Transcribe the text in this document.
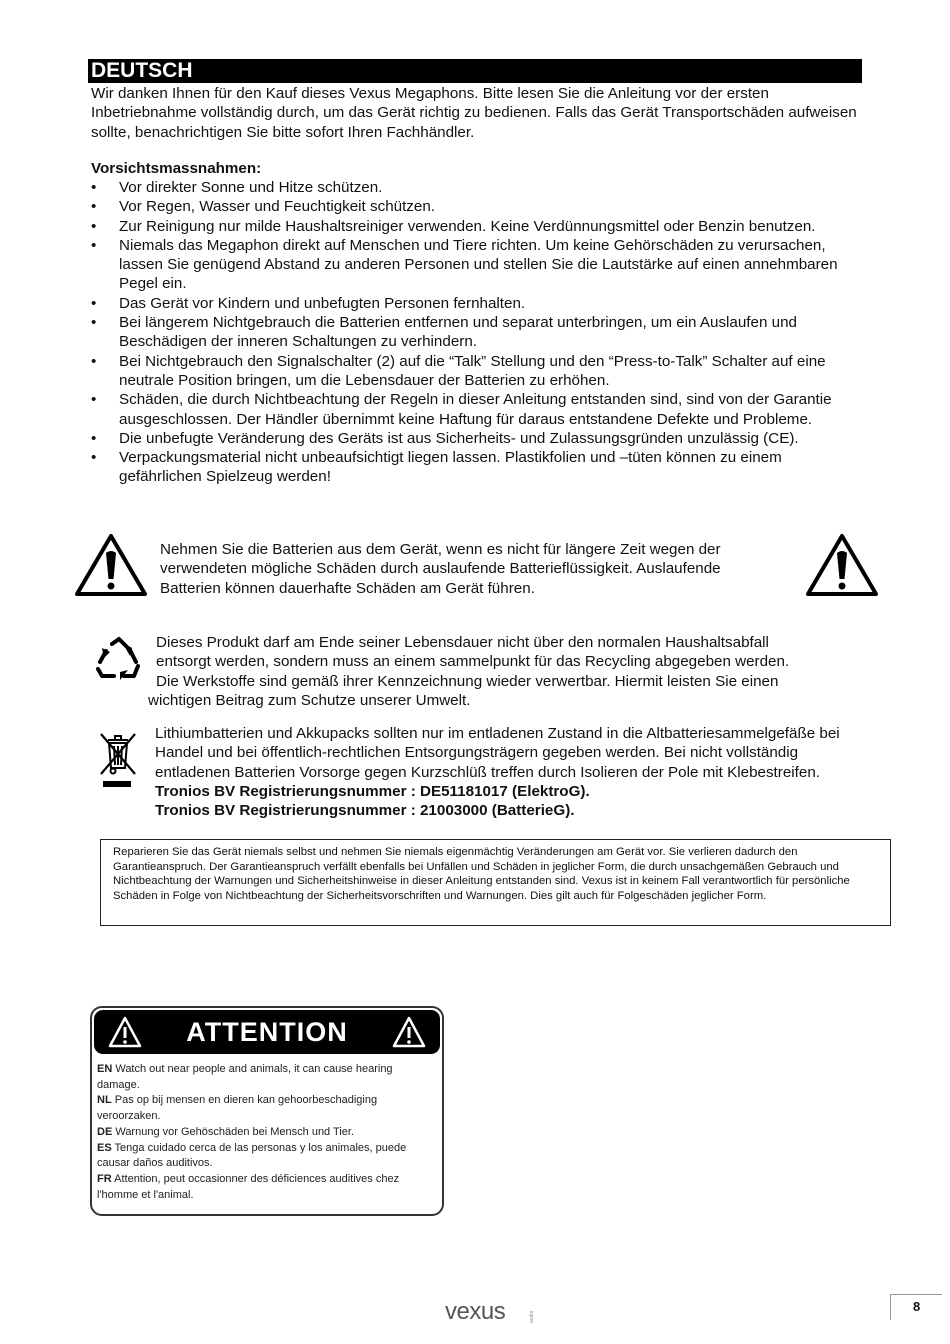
DEUTSCH
Wir danken Ihnen für den Kauf dieses Vexus Megaphons. Bitte lesen Sie die Anleitung vor der ersten Inbetriebnahme vollständig durch, um das Gerät richtig zu bedienen. Falls das Gerät Transportschäden aufweisen sollte, benachrichtigen Sie bitte sofort Ihren Fachhändler.
Vorsichtsmassnahmen:
• Vor direkter Sonne und Hitze schützen.
• Vor Regen, Wasser und Feuchtigkeit schützen.
• Zur Reinigung nur milde Haushaltsreiniger verwenden. Keine Verdünnungsmittel oder Benzin benutzen.
• Niemals das Megaphon direkt auf Menschen und Tiere richten. Um keine Gehörschäden zu verursachen, lassen Sie genügend Abstand zu anderen Personen und stellen Sie die Lautstärke auf einen annehmbaren Pegel ein.
• Das Gerät vor Kindern und unbefugten Personen fernhalten.
• Bei längerem Nichtgebrauch die Batterien entfernen und separat unterbringen, um ein Auslaufen und Beschädigen der inneren Schaltungen zu verhindern.
• Bei Nichtgebrauch den Signalschalter (2) auf die “Talk” Stellung und den “Press-to-Talk” Schalter auf eine neutrale Position bringen, um die Lebensdauer der Batterien zu erhöhen.
• Schäden, die durch Nichtbeachtung der Regeln in dieser Anleitung entstanden sind, sind von der Garantie ausgeschlossen. Der Händler übernimmt keine Haftung für daraus entstandene Defekte und Probleme.
• Die unbefugte Veränderung des Geräts ist aus Sicherheits- und Zulassungsgründen unzulässig (CE).
• Verpackungsmaterial nicht unbeaufsichtigt liegen lassen. Plastikfolien und –tüten können zu einem gefährlichen Spielzeug werden!
Nehmen Sie die Batterien aus dem Gerät, wenn es nicht für längere Zeit wegen der verwendeten mögliche Schäden durch auslaufende Batterieflüssigkeit. Auslaufende Batterien können dauerhafte Schäden am Gerät führen.
Dieses Produkt darf am Ende seiner Lebensdauer nicht über den normalen Haushaltsabfall
entsorgt werden, sondern muss an einem sammelpunkt für das Recycling abgegeben werden.
Die Werkstoffe sind gemäß ihrer Kennzeichnung wieder verwertbar. Hiermit leisten Sie einen
wichtigen Beitrag zum Schutze unserer Umwelt.
Lithiumbatterien und Akkupacks sollten nur im entladenen Zustand in die Altbatteriesammelgefäße bei Handel und bei öffentlich-rechtlichen Entsorgungsträgern gegeben werden. Bei nicht vollständig entladenen Batterien Vorsorge gegen Kurzschlüß treffen durch Isolieren der Pole mit Klebestreifen.
Tronios BV Registrierungsnummer : DE51181017 (ElektroG).
Tronios BV Registrierungsnummer : 21003000 (BatterieG).
Reparieren Sie das Gerät niemals selbst und nehmen Sie niemals eigenmächtig Veränderungen am Gerät vor. Sie verlieren dadurch den Garantieanspruch. Der Garantieanspruch verfällt ebenfalls bei Unfällen und Schäden in jeglicher Form, die durch unsachgemäßen Gebrauch und Nichtbeachtung der Warnungen und Sicherheitshinweise in dieser Anleitung entstanden sind. Vexus ist in keinem Fall verantwortlich für persönliche Schäden in Folge von Nichtbeachtung der Sicherheitsvorschriften und Warnungen. Dies gilt auch für Folgeschäden jeglicher Form.
ATTENTION
EN Watch out near people and animals, it can cause hearing damage.
NL Pas op bij mensen en dieren kan gehoorbeschadiging veroorzaken.
DE Warnung vor Gehöschäden bei Mensch und Tier.
ES Tenga cuidado cerca de las personas y los animales, puede causar daños auditivos.
FR Attention, peut occasionner des déficiences auditives chez l'homme et l'animal.
vexus	audio
8
